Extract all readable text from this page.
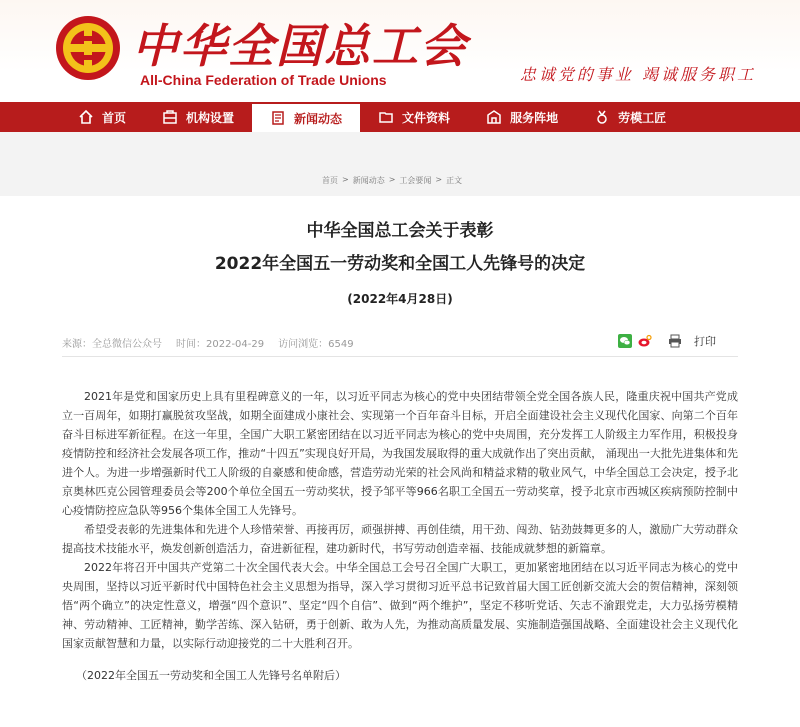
中华全国总工会
All-China Federation of Trade Unions	忠诚党的事业 竭诚服务职工
首页	机构设置	新闻动态	文件资料	服务阵地	劳模工匠
首页 > 新闻动态 > 工会要闻 > 正文
中华全国总工会关于表彰
2022年全国五一劳动奖和全国工人先锋号的决定
(2022年4月28日)
来源：全总微信公众号 时间：2022-04-29 访问浏览：6549	打印

2021年是党和国家历史上具有里程碑意义的一年，以习近平同志为核心的党中央团结带领全党全国各族人民，隆重庆祝中国共产党成立一百周年，如期打赢脱贫攻坚战，如期全面建成小康社会、实现第一个百年奋斗目标，开启全面建设社会主义现代化国家、向第二个百年奋斗目标进军新征程。在这一年里，全国广大职工紧密团结在以习近平同志为核心的党中央周围，充分发挥工人阶级主力军作用，积极投身疫情防控和经济社会发展各项工作，推动“十四五”实现良好开局，为我国发展取得的重大成就作出了突出贡献， 涌现出一大批先进集体和先进个人。为进一步增强新时代工人阶级的自豪感和使命感，营造劳动光荣的社会风尚和精益求精的敬业风气，中华全国总工会决定，授予北京奥林匹克公园管理委员会等200个单位全国五一劳动奖状，授予邹平等966名职工全国五一劳动奖章，授予北京市西城区疾病预防控制中心疫情防控应急队等956个集体全国工人先锋号。

希望受表彰的先进集体和先进个人珍惜荣誉、再接再厉，顽强拼搏、再创佳绩，用干劲、闯劲、钻劲鼓舞更多的人，激励广大劳动群众提高技术技能水平，焕发创新创造活力，奋进新征程，建功新时代，书写劳动创造幸福、技能成就梦想的新篇章。

2022年将召开中国共产党第二十次全国代表大会。中华全国总工会号召全国广大职工，更加紧密地团结在以习近平同志为核心的党中央周围，坚持以习近平新时代中国特色社会主义思想为指导，深入学习贯彻习近平总书记致首届大国工匠创新交流大会的贺信精神，深刻领悟“两个确立”的决定性意义，增强“四个意识”、坚定“四个自信”、做到“两个维护”，坚定不移听党话、矢志不渝跟党走，大力弘扬劳模精神、劳动精神、工匠精神，勤学苦练、深入钻研，勇于创新、敢为人先，为推动高质量发展、实施制造强国战略、全面建设社会主义现代化国家贡献智慧和力量，以实际行动迎接党的二十大胜利召开。

（2022年全国五一劳动奖和全国工人先锋号名单附后）
